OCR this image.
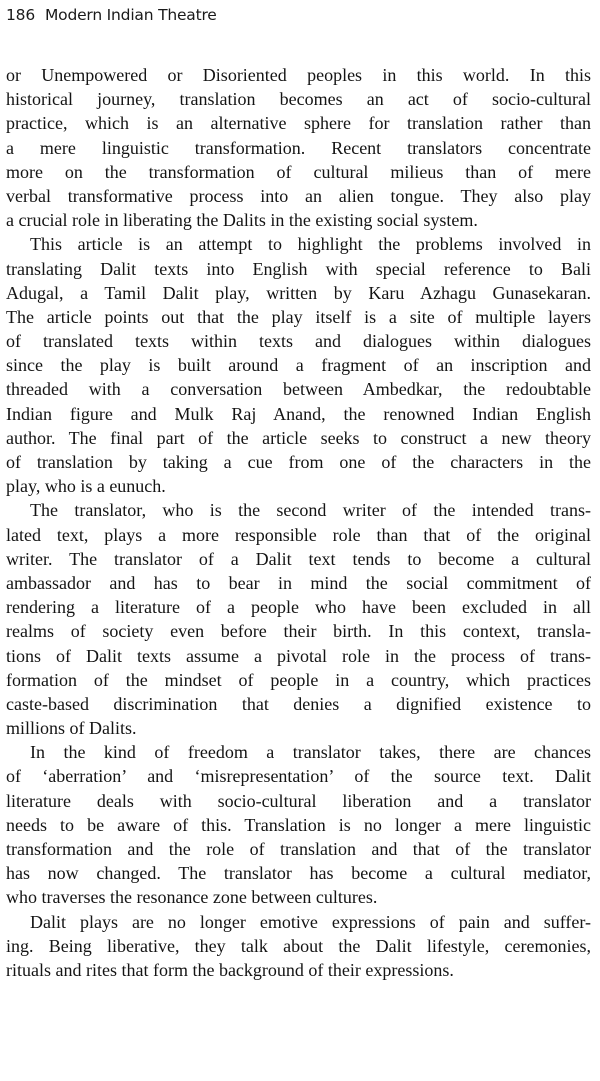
186 Modern Indian Theatre
or Unempowered or Disoriented peoples in this world. In this
historical journey, translation becomes an act of socio-cultural
practice, which is an alternative sphere for translation rather than
a mere linguistic transformation. Recent translators concentrate
more on the transformation of cultural milieus than of mere
verbal transformative process into an alien tongue. They also play
a crucial role in liberating the Dalits in the existing social system.
This article is an attempt to highlight the problems involved in
translating Dalit texts into English with special reference to Bali
Adugal, a Tamil Dalit play, written by Karu Azhagu Gunasekaran.
The article points out that the play itself is a site of multiple layers
of translated texts within texts and dialogues within dialogues
since the play is built around a fragment of an inscription and
threaded with a conversation between Ambedkar, the redoubtable
Indian figure and Mulk Raj Anand, the renowned Indian English
author. The final part of the article seeks to construct a new theory
of translation by taking a cue from one of the characters in the
play, who is a eunuch.
The translator, who is the second writer of the intended trans-
lated text, plays a more responsible role than that of the original
writer. The translator of a Dalit text tends to become a cultural
ambassador and has to bear in mind the social commitment of
rendering a literature of a people who have been excluded in all
realms of society even before their birth. In this context, transla-
tions of Dalit texts assume a pivotal role in the process of trans-
formation of the mindset of people in a country, which practices
caste-based discrimination that denies a dignified existence to
millions of Dalits.
In the kind of freedom a translator takes, there are chances
of ‘aberration’ and ‘misrepresentation’ of the source text. Dalit
literature deals with socio-cultural liberation and a translator
needs to be aware of this. Translation is no longer a mere linguistic
transformation and the role of translation and that of the translator
has now changed. The translator has become a cultural mediator,
who traverses the resonance zone between cultures.
Dalit plays are no longer emotive expressions of pain and suffer-
ing. Being liberative, they talk about the Dalit lifestyle, ceremonies,
rituals and rites that form the background of their expressions.
